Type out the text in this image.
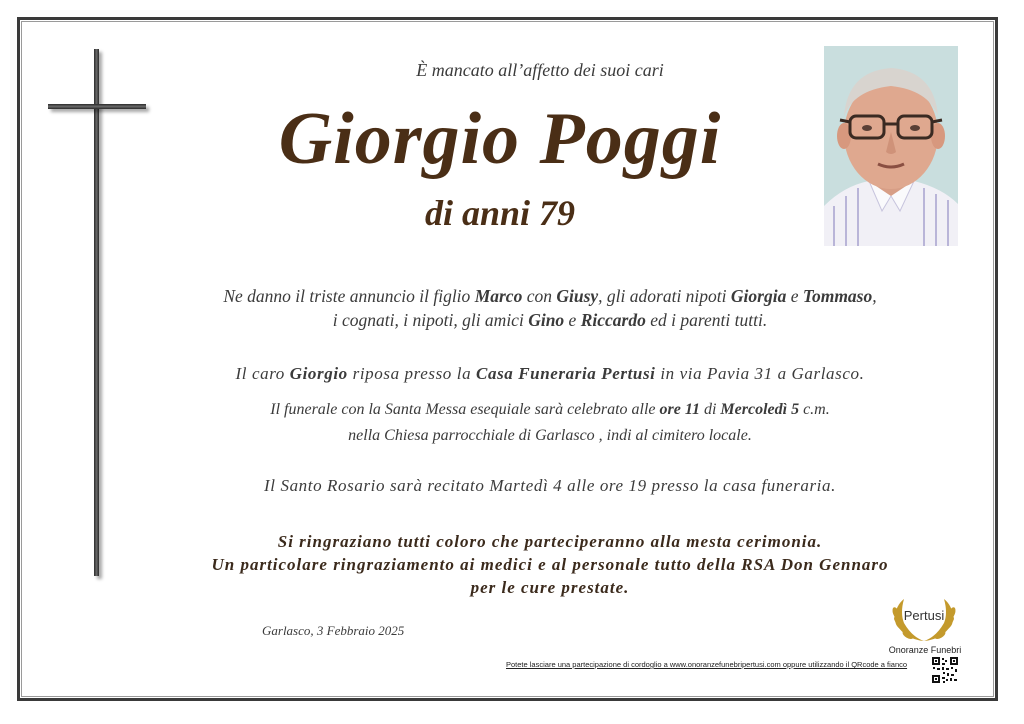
È mancato all’affetto dei suoi cari
Giorgio Poggi
di anni 79
Ne danno il triste annuncio il figlio Marco con Giusy, gli adorati nipoti Giorgia e Tommaso,
i cognati, i nipoti, gli amici Gino e Riccardo ed i parenti tutti.
Il caro Giorgio riposa presso la Casa Funeraria Pertusi in via Pavia 31 a Garlasco.
Il funerale con la Santa Messa esequiale sarà celebrato alle ore 11 di Mercoledì 5 c.m.
nella Chiesa parrocchiale di Garlasco , indi al cimitero locale.
Il Santo Rosario sarà recitato Martedì 4 alle ore 19 presso la casa funeraria.
Si ringraziano tutti coloro che parteciperanno alla mesta cerimonia.
Un particolare ringraziamento ai medici e al personale tutto della RSA Don Gennaro
per le cure prestate.
Garlasco, 3 Febbraio 2025
Potete lasciare una partecipazione di cordoglio a www.onoranzefunebripertusi.com oppure utilizzando il QRcode a fianco
Pertusi
Onoranze Funebri
